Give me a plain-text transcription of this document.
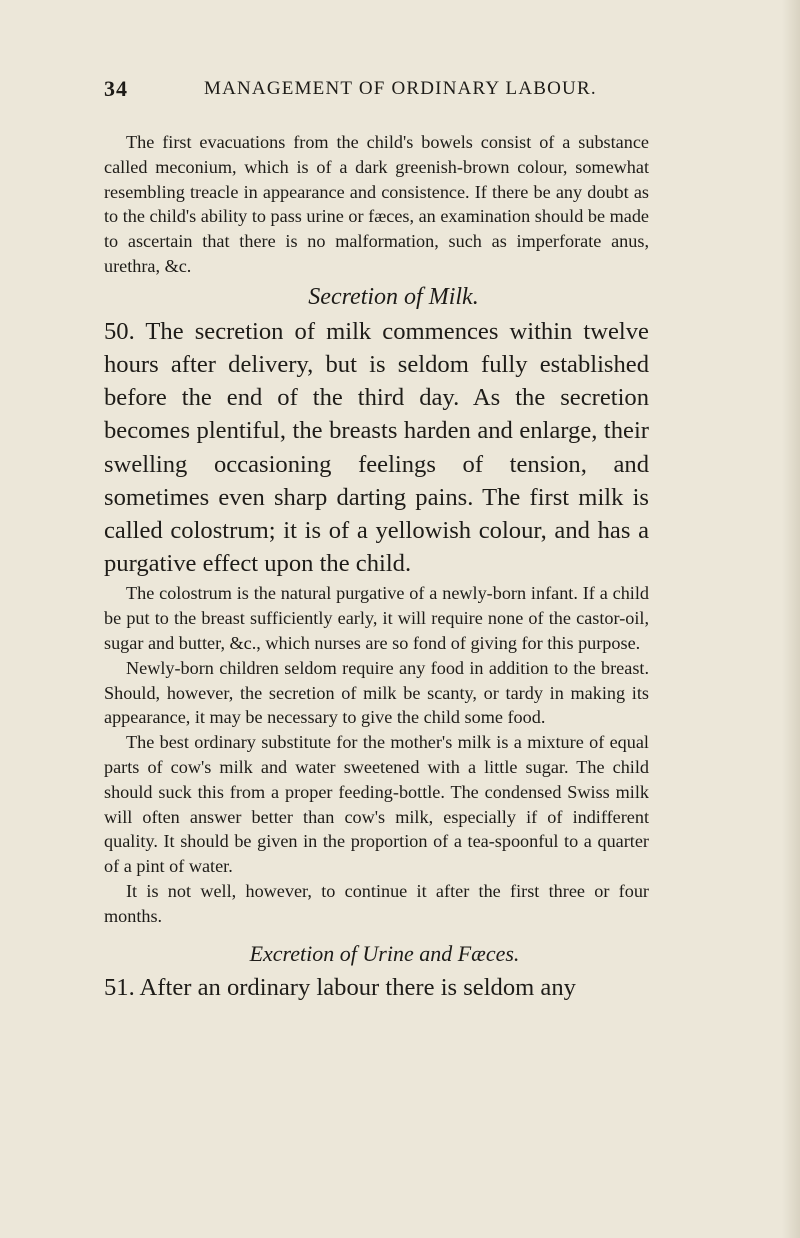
34	MANAGEMENT OF ORDINARY LABOUR.

The first evacuations from the child's bowels consist of a substance called meconium, which is of a dark greenish-brown colour, somewhat resembling treacle in appearance and consistence. If there be any doubt as to the child's ability to pass urine or fæces, an examination should be made to ascertain that there is no malformation, such as imperforate anus, urethra, &c.

Secretion of Milk.

50. The secretion of milk commences within twelve hours after delivery, but is seldom fully established before the end of the third day. As the secretion becomes plentiful, the breasts harden and enlarge, their swelling occasioning feelings of tension, and sometimes even sharp darting pains. The first milk is called colostrum; it is of a yellowish colour, and has a purgative effect upon the child.

The colostrum is the natural purgative of a newly-born infant. If a child be put to the breast sufficiently early, it will require none of the castor-oil, sugar and butter, &c., which nurses are so fond of giving for this purpose.

Newly-born children seldom require any food in addition to the breast. Should, however, the secretion of milk be scanty, or tardy in making its appearance, it may be necessary to give the child some food.

The best ordinary substitute for the mother's milk is a mixture of equal parts of cow's milk and water sweetened with a little sugar. The child should suck this from a proper feeding-bottle. The condensed Swiss milk will often answer better than cow's milk, especially if of indifferent quality. It should be given in the proportion of a tea-spoonful to a quarter of a pint of water.

It is not well, however, to continue it after the first three or four months.

Excretion of Urine and Fæces.

51. After an ordinary labour there is seldom any
